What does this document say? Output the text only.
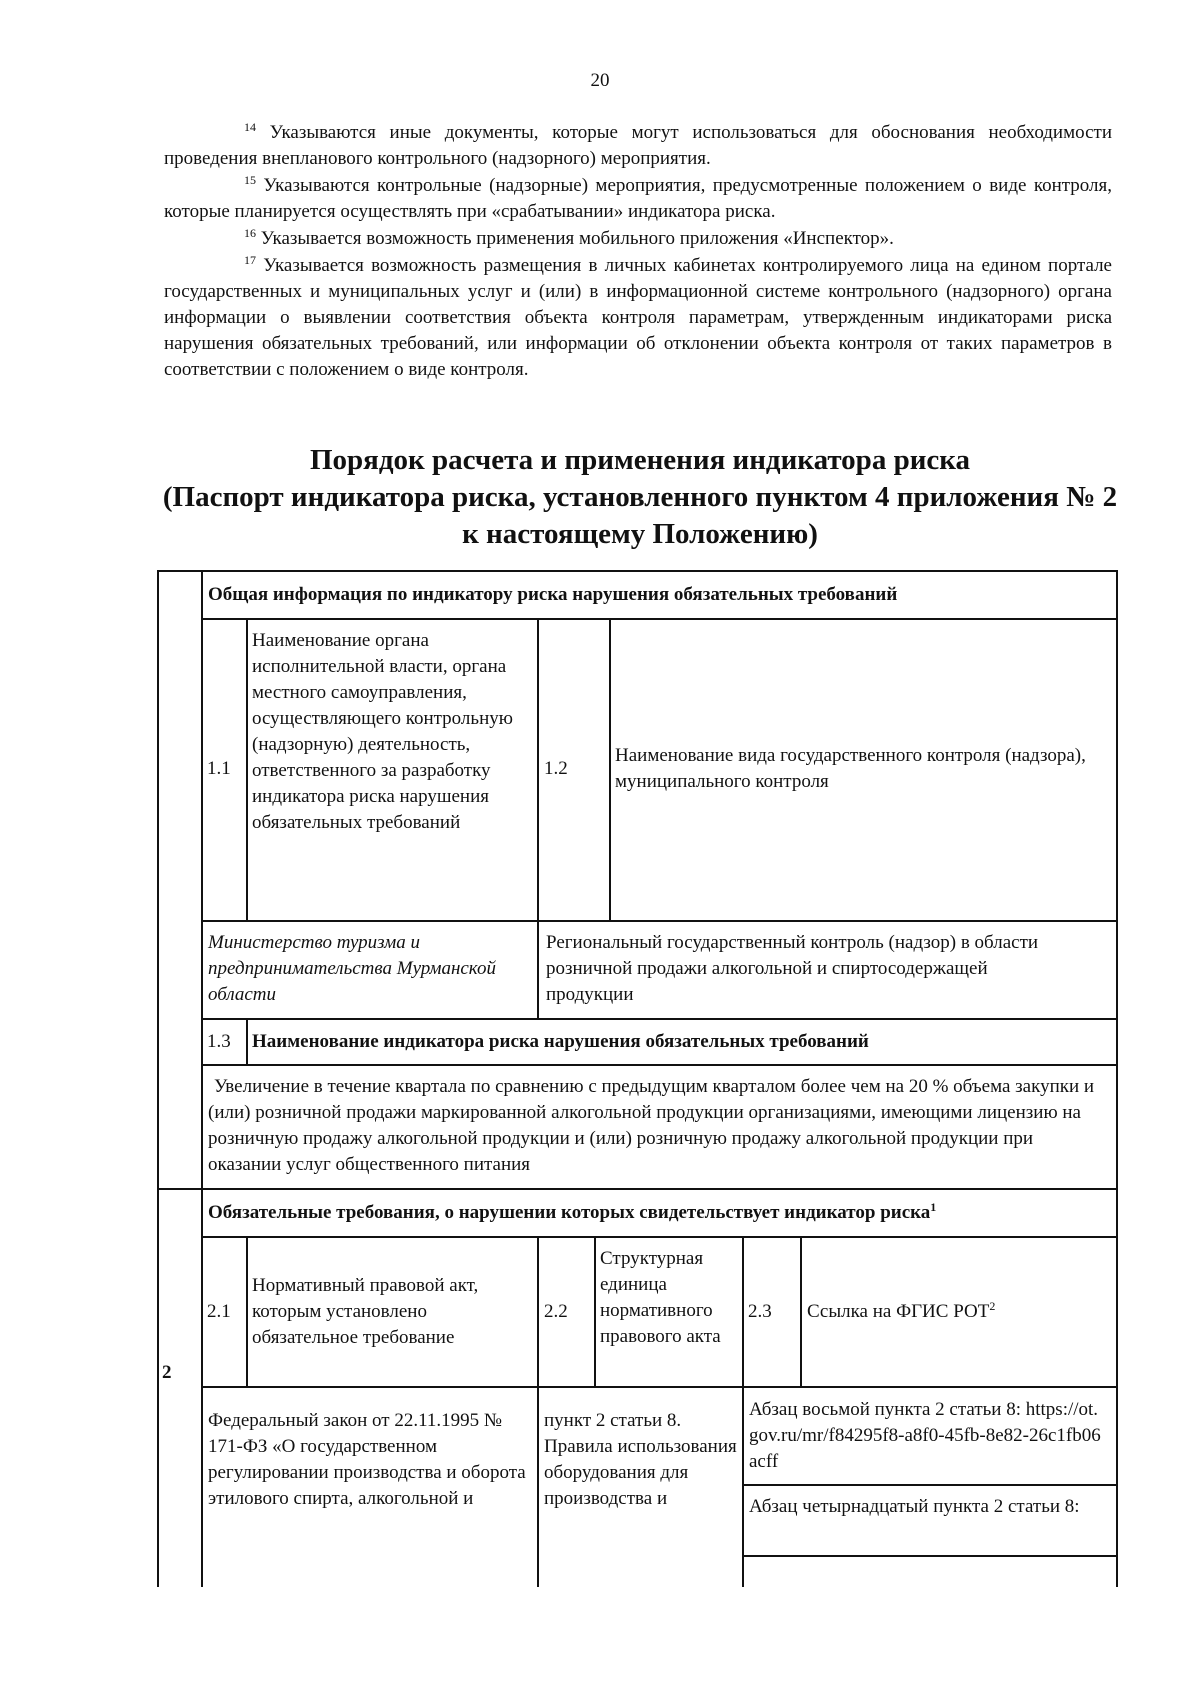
20

$^{14}$ Указываются иные документы, которые могут использоваться для обоснования необходимости проведения внепланового контрольного (надзорного) мероприятия.

$^{15}$ Указываются контрольные (надзорные) мероприятия, предусмотренные положением о виде контроля, которые планируется осуществлять при «срабатывании» индикатора риска.

$^{16}$ Указывается возможность применения мобильного приложения «Инспектор».

$^{17}$ Указывается возможность размещения в личных кабинетах контролируемого лица на едином портале государственных и муниципальных услуг и (или) в информационной системе контрольного (надзорного) органа информации о выявлении соответствия объекта контроля параметрам, утвержденным индикаторами риска нарушения обязательных требований, или информации об отклонении объекта контроля от таких параметров в соответствии с положением о виде контроля.

Порядок расчета и применения индикатора риска
(Паспорт индикатора риска, установленного пунктом 4 приложения № 2
к настоящему Положению)
Общая информация по индикатору риска нарушения обязательных требований
1.1
Наименование органа исполнительной власти, органа местного самоуправления, осуществляющего контрольную (надзорную) деятельность, ответственного за разработку индикатора риска нарушения обязательных требований
1.2
Наименование вида государственного контроля (надзора), муниципального контроля
Министерство туризма и предпринимательства Мурманской области
Региональный государственный контроль (надзор) в области розничной продажи алкогольной и спиртосодержащей продукции
1.3	Наименование индикатора риска нарушения обязательных требований
Увеличение в течение квартала по сравнению с предыдущим кварталом более чем на 20 % объема закупки и (или) розничной продажи маркированной алкогольной продукции организациями, имеющими лицензию на розничную продажу алкогольной продукции и (или) розничную продажу алкогольной продукции при оказании услуг общественного питания
2
Обязательные требования, о нарушении которых свидетельствует индикатор риска$^1$
2.1
Нормативный правовой акт, которым установлено обязательное требование
2.2
Структурная единица нормативного правового акта
2.3	Ссылка на ФГИС РОТ$^2$
Федеральный закон от 22.11.1995 № 171-ФЗ «О государственном регулировании производства и оборота этилового спирта, алкогольной и
пункт 2 статьи 8. Правила использования оборудования для производства и
Абзац восьмой пункта 2 статьи 8: https://ot.gov.ru/mr/f84295f8-a8f0-45fb-8e82-26c1fb06acff
Абзац четырнадцатый пункта 2 статьи 8:
